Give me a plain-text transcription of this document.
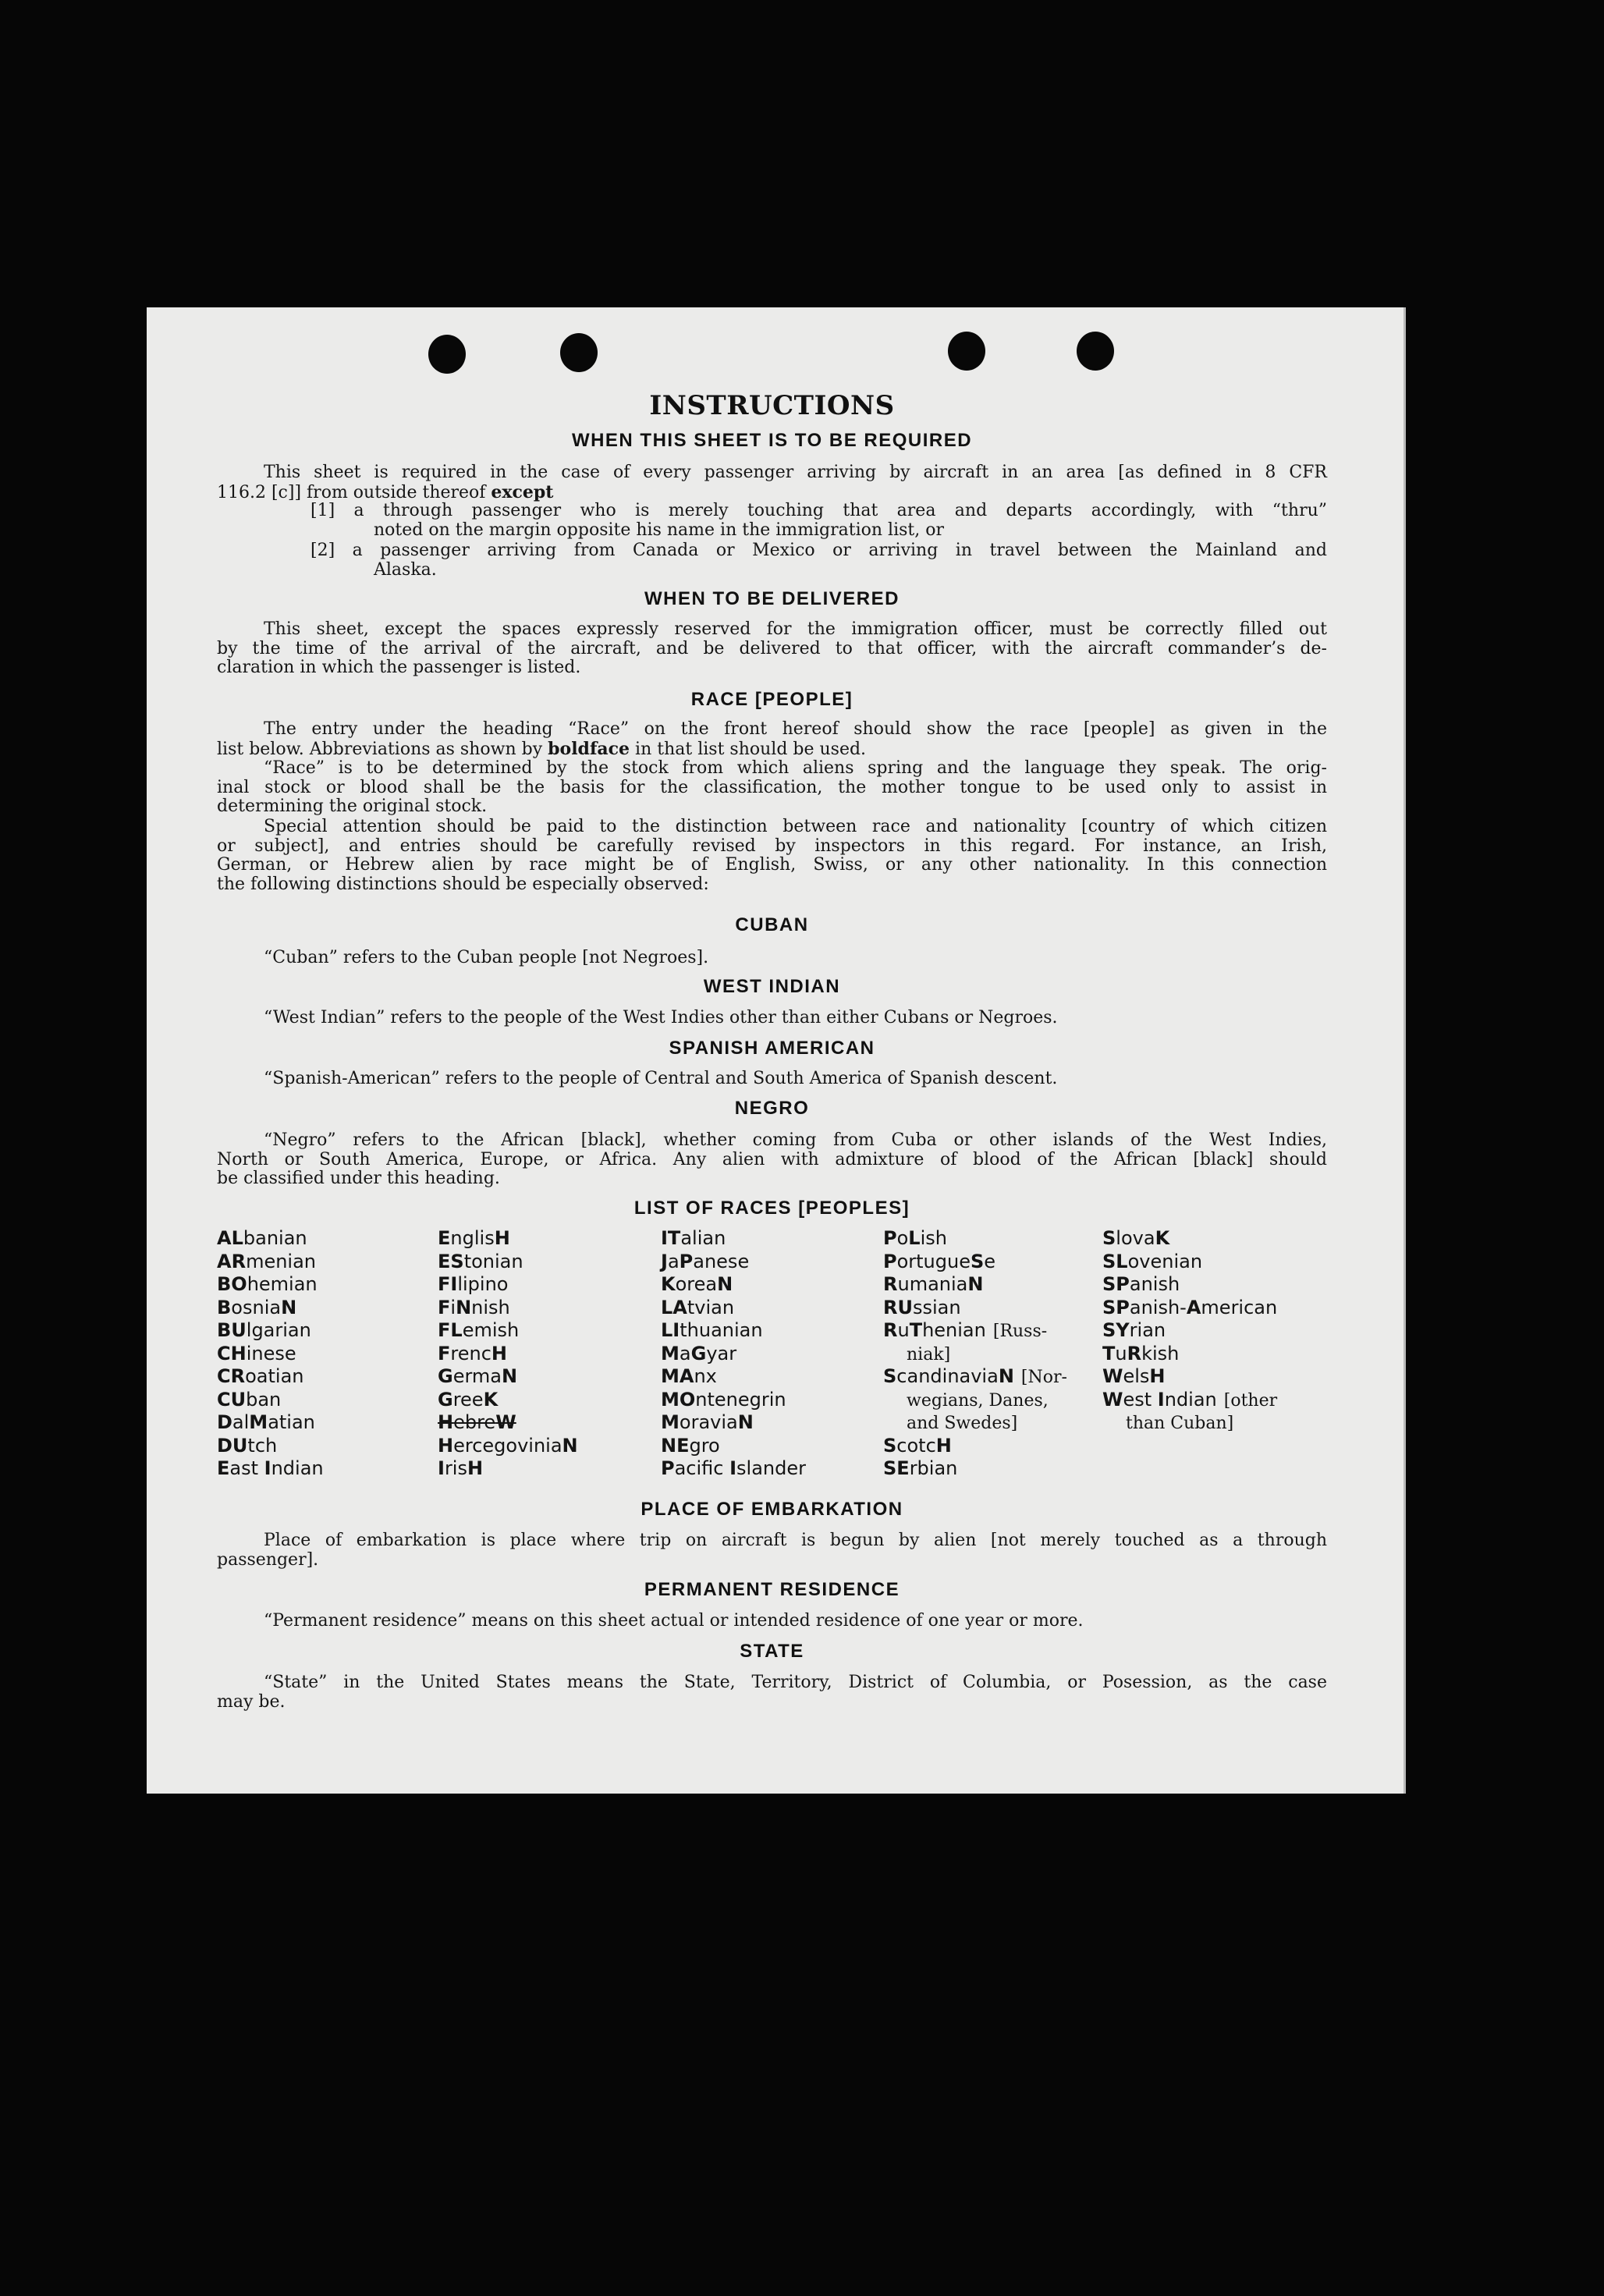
INSTRUCTIONS
WHEN THIS SHEET IS TO BE REQUIRED
This sheet is required in the case of every passenger arriving by aircraft in an area [as defined in 8 CFR
116.2 [c]] from outside thereof except
[1] a through passenger who is merely touching that area and departs accordingly, with “thru”
noted on the margin opposite his name in the immigration list, or
[2] a passenger arriving from Canada or Mexico or arriving in travel between the Mainland and
Alaska.
WHEN TO BE DELIVERED
This sheet, except the spaces expressly reserved for the immigration officer, must be correctly filled out
by the time of the arrival of the aircraft, and be delivered to that officer, with the aircraft commander’s de-
claration in which the passenger is listed.
RACE [PEOPLE]
The entry under the heading “Race” on the front hereof should show the race [people] as given in the
list below. Abbreviations as shown by boldface in that list should be used.
“Race” is to be determined by the stock from which aliens spring and the language they speak. The orig-
inal stock or blood shall be the basis for the classification, the mother tongue to be used only to assist in
determining the original stock.
Special attention should be paid to the distinction between race and nationality [country of which citizen
or subject], and entries should be carefully revised by inspectors in this regard. For instance, an Irish,
German, or Hebrew alien by race might be of English, Swiss, or any other nationality. In this connection
the following distinctions should be especially observed:
CUBAN
“Cuban” refers to the Cuban people [not Negroes].
WEST INDIAN
“West Indian” refers to the people of the West Indies other than either Cubans or Negroes.
SPANISH AMERICAN
“Spanish-American” refers to the people of Central and South America of Spanish descent.
NEGRO
“Negro” refers to the African [black], whether coming from Cuba or other islands of the West Indies,
North or South America, Europe, or Africa. Any alien with admixture of blood of the African [black] should
be classified under this heading.
LIST OF RACES [PEOPLES]
ALbanian
ARmenian
BOhemian
BosniaN
BUlgarian
CHinese
CRoatian
CUban
DalMatian
DUtch
East Indian
EnglisH
EStonian
FIlipino
FiNnish
FLemish
FrencH
GermaN
GreeK
HebreW
HercegoviniaN
IrisH
ITalian
JaPanese
KoreaN
LAtvian
LIthuanian
MaGyar
MAnx
MOntenegrin
MoraviaN
NEgro
Pacific Islander
PoLish
PortugueSe
RumaniaN
RUssian
RuThenian [Russ-
niak]
ScandinaviaN [Nor-
wegians, Danes,
and Swedes]
ScotcH
SErbian
SlovaK
SLovenian
SPanish
SPanish-American
SYrian
TuRkish
WelsH
West Indian [other
than Cuban]
PLACE OF EMBARKATION
Place of embarkation is place where trip on aircraft is begun by alien [not merely touched as a through
passenger].
PERMANENT RESIDENCE
“Permanent residence” means on this sheet actual or intended residence of one year or more.
STATE
“State” in the United States means the State, Territory, District of Columbia, or Posession, as the case
may be.
